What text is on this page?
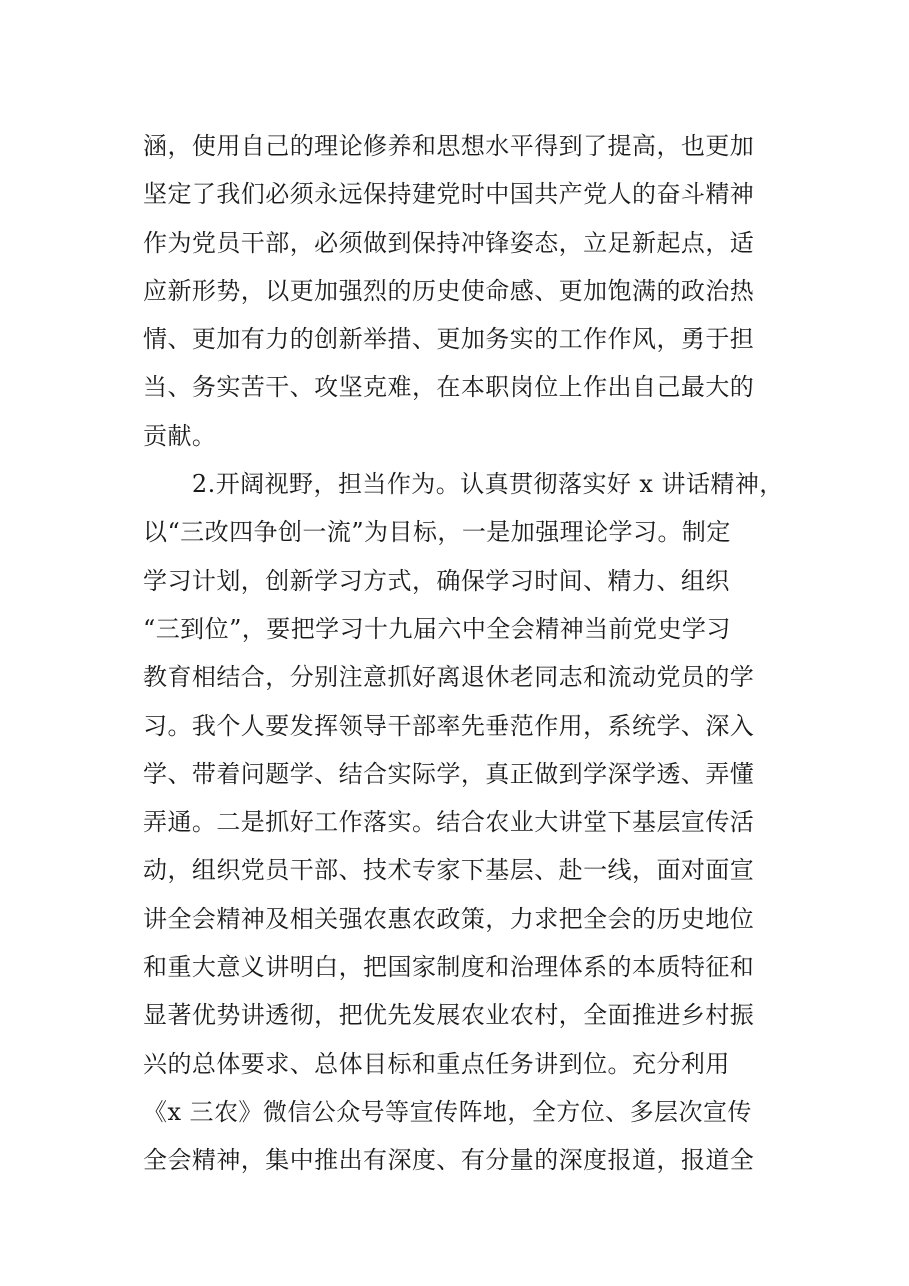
涵，使用自己的理论修养和思想水平得到了提高，也更加
坚定了我们必须永远保持建党时中国共产党人的奋斗精神
作为党员干部，必须做到保持冲锋姿态，立足新起点，适
应新形势，以更加强烈的历史使命感、更加饱满的政治热
情、更加有力的创新举措、更加务实的工作作风，勇于担
当、务实苦干、攻坚克难，在本职岗位上作出自己最大的
贡献。
　　2.开阔视野，担当作为。认真贯彻落实好 x 讲话精神，
以“三改四争创一流”为目标，一是加强理论学习。制定
学习计划，创新学习方式，确保学习时间、精力、组织
“三到位”，要把学习十九届六中全会精神当前党史学习
教育相结合，分别注意抓好离退休老同志和流动党员的学
习。我个人要发挥领导干部率先垂范作用，系统学、深入
学、带着问题学、结合实际学，真正做到学深学透、弄懂
弄通。二是抓好工作落实。结合农业大讲堂下基层宣传活
动，组织党员干部、技术专家下基层、赴一线，面对面宣
讲全会精神及相关强农惠农政策，力求把全会的历史地位
和重大意义讲明白，把国家制度和治理体系的本质特征和
显著优势讲透彻，把优先发展农业农村，全面推进乡村振
兴的总体要求、总体目标和重点任务讲到位。充分利用
《x 三农》微信公众号等宣传阵地，全方位、多层次宣传
全会精神，集中推出有深度、有分量的深度报道，报道全
